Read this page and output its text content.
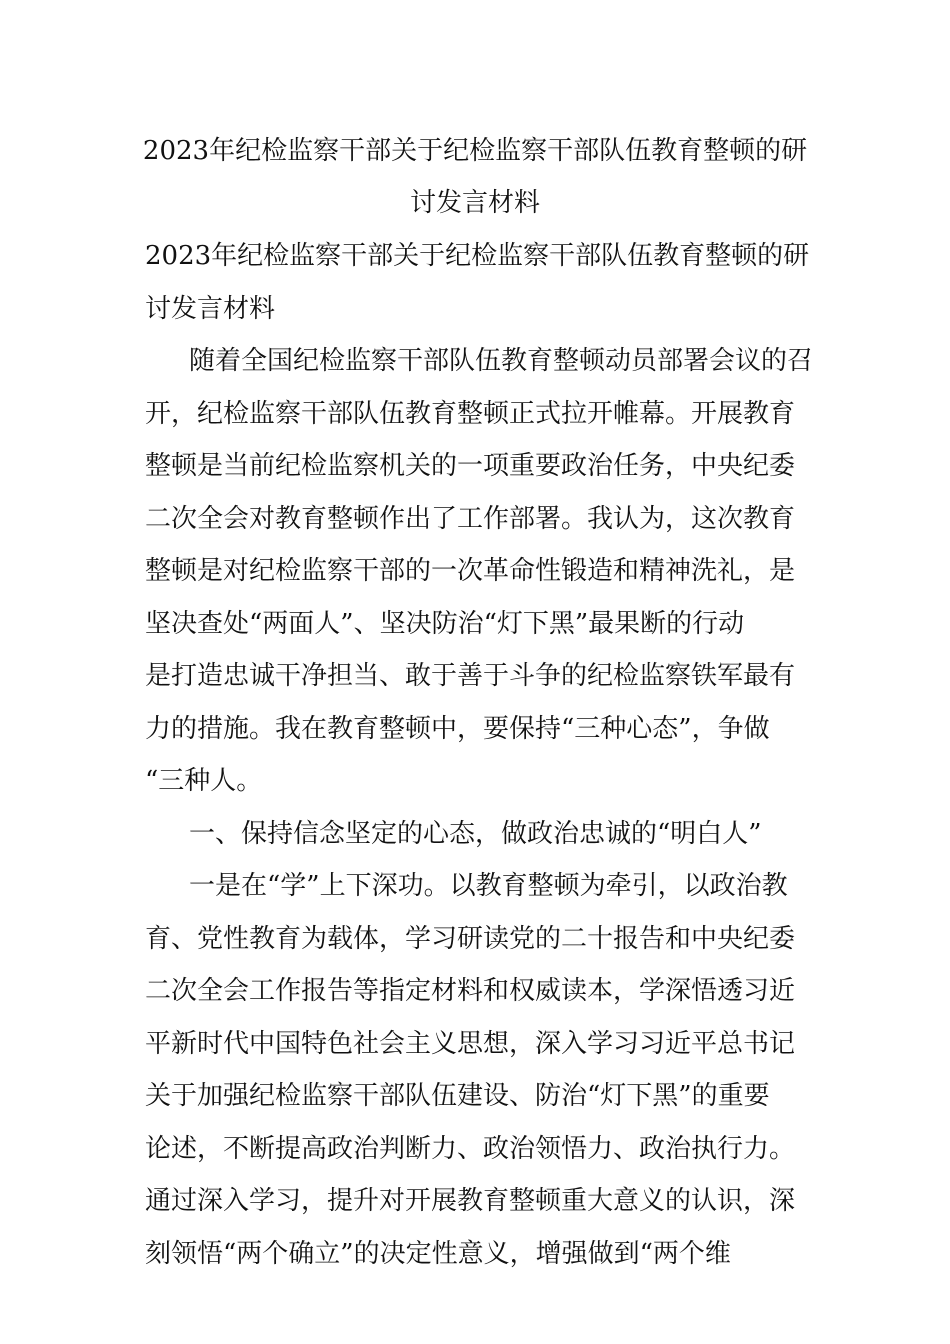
2023年纪检监察干部关于纪检监察干部队伍教育整顿的研
讨发言材料
2023年纪检监察干部关于纪检监察干部队伍教育整顿的研
讨发言材料
随着全国纪检监察干部队伍教育整顿动员部署会议的召
开，纪检监察干部队伍教育整顿正式拉开帷幕。开展教育
整顿是当前纪检监察机关的一项重要政治任务，中央纪委
二次全会对教育整顿作出了工作部署。我认为，这次教育
整顿是对纪检监察干部的一次革命性锻造和精神洗礼，是
坚决查处“两面人”、坚决防治“灯下黑”最果断的行动
是打造忠诚干净担当、敢于善于斗争的纪检监察铁军最有
力的措施。我在教育整顿中，要保持“三种心态”，争做
“三种人。
一、保持信念坚定的心态，做政治忠诚的“明白人”
一是在“学”上下深功。以教育整顿为牵引，以政治教
育、党性教育为载体，学习研读党的二十报告和中央纪委
二次全会工作报告等指定材料和权威读本，学深悟透习近
平新时代中国特色社会主义思想，深入学习习近平总书记
关于加强纪检监察干部队伍建设、防治“灯下黑”的重要
论述，不断提高政治判断力、政治领悟力、政治执行力。
通过深入学习，提升对开展教育整顿重大意义的认识，深
刻领悟“两个确立”的决定性意义，增强做到“两个维
